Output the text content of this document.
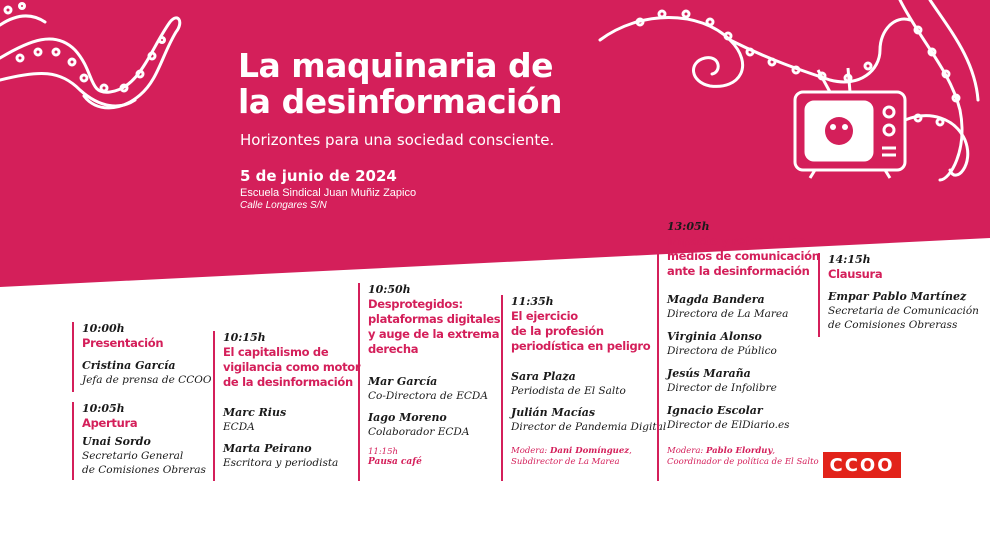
La maquinaria de
la desinformación
Horizontes para una sociedad consciente.
5 de junio de 2024
Escuela Sindical Juan Muñiz Zapico
Calle Longares S/N
10:00h
Presentación
Cristina García
Jefa de prensa de CCOO
10:05h
Apertura
Unai Sordo
Secretario General
de Comisiones Obreras
10:15h
El capitalismo de
vigilancia como motor
de la desinformación
Marc Rius
ECDA
Marta Peirano
Escritora y periodista
10:50h
Desprotegidos:
plataformas digitales
y auge de la extrema
derecha
Mar García
Co-Directora de ECDA
Iago Moreno
Colaborador ECDA
11:15h
Pausa café
11:35h
El ejercicio
de la profesión
periodística en peligro
Sara Plaza
Periodista de El Salto
Julián Macías
Director de Pandemia Digital
Modera: Dani Domínguez,
Subdirector de La Marea
13:05h
Impacto y retos de los
medios de comunicación
ante la desinformación
Magda Bandera
Directora de La Marea
Virginia Alonso
Directora de Público
Jesús Maraña
Director de Infolibre
Ignacio Escolar
Director de ElDiario.es
Modera: Pablo Elorduy,
Coordinador de política de El Salto
14:15h
Clausura
Empar Pablo Martínez
Secretaria de Comunicación
de Comisiones Obrerass
CCOO
